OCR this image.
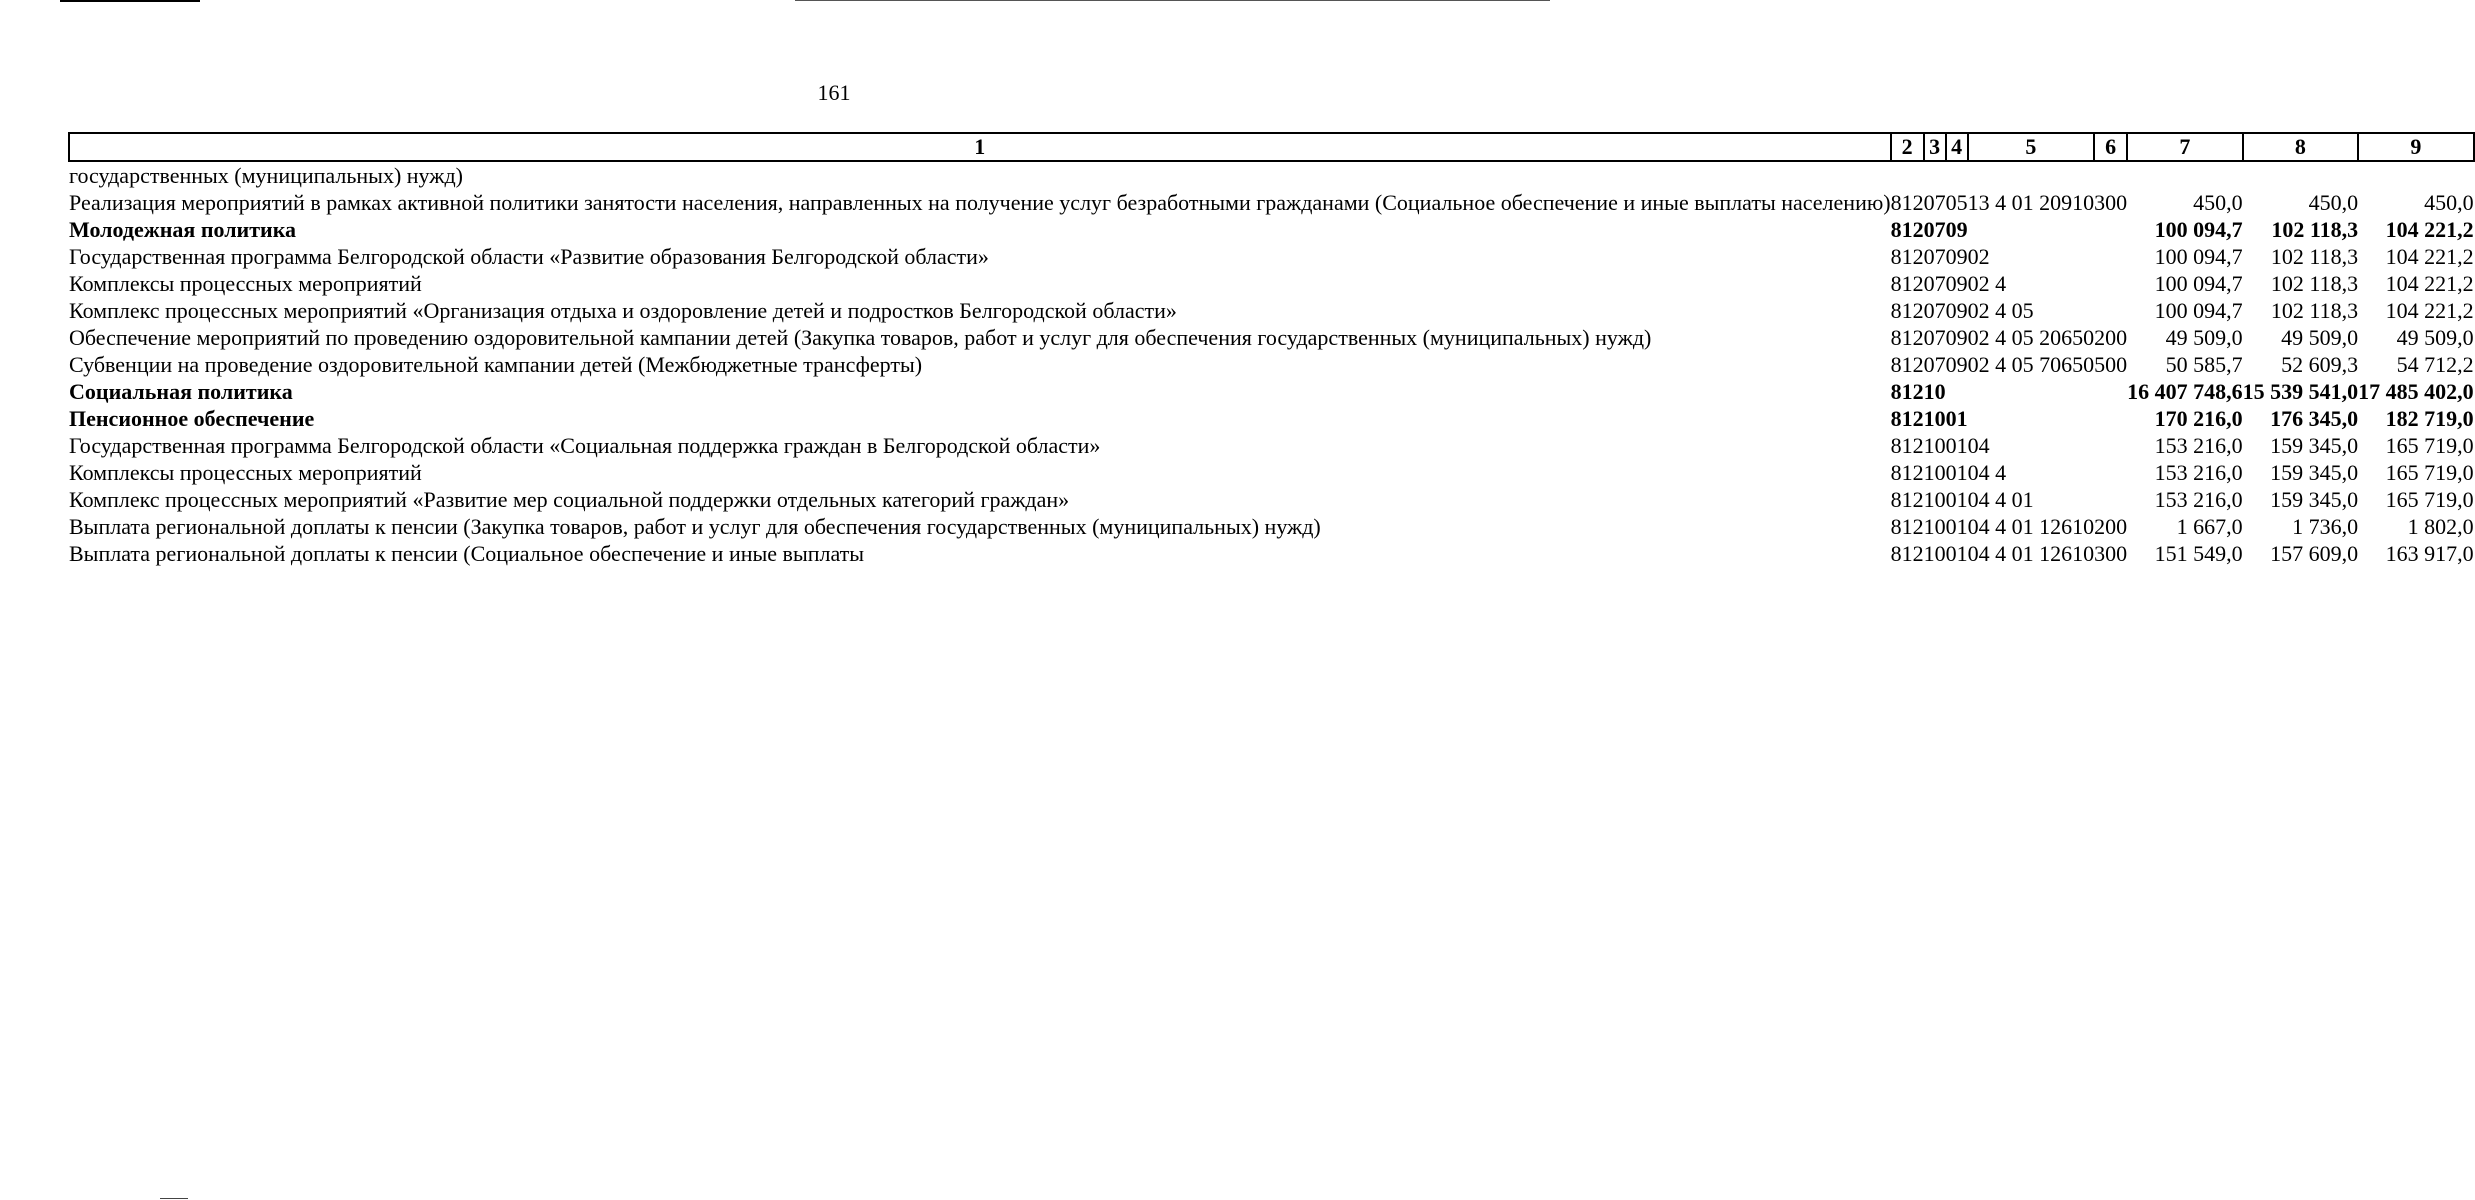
161
1	2	3	4	5	6	7	8	9
государственных (муниципальных) нужд)								
Реализация мероприятий в рамках активной политики занятости населения, направленных на получение услуг безработными гражданами (Социальное обеспечение и иные выплаты населению)	812	07	05	13 4 01 20910	300	450,0	450,0	450,0
Молодежная политика	812	07	09			100 094,7	102 118,3	104 221,2
Государственная программа Белгородской области «Развитие образования Белгородской области»	812	07	09	02		100 094,7	102 118,3	104 221,2
Комплексы процессных мероприятий	812	07	09	02 4		100 094,7	102 118,3	104 221,2
Комплекс процессных мероприятий «Организация отдыха и оздоровление детей и подростков Белгородской области»	812	07	09	02 4 05		100 094,7	102 118,3	104 221,2
Обеспечение мероприятий по проведению оздоровительной кампании детей (Закупка товаров, работ и услуг для обеспечения государственных (муниципальных) нужд)	812	07	09	02 4 05 20650	200	49 509,0	49 509,0	49 509,0
Субвенции на проведение оздоровительной кампании детей (Межбюджетные трансферты)	812	07	09	02 4 05 70650	500	50 585,7	52 609,3	54 712,2
Социальная политика	812	10				16 407 748,6	15 539 541,0	17 485 402,0
Пенсионное обеспечение	812	10	01			170 216,0	176 345,0	182 719,0
Государственная программа Белгородской области «Социальная поддержка граждан в Белгородской области»	812	10	01	04		153 216,0	159 345,0	165 719,0
Комплексы процессных мероприятий	812	10	01	04 4		153 216,0	159 345,0	165 719,0
Комплекс процессных мероприятий «Развитие мер социальной поддержки отдельных категорий граждан»	812	10	01	04 4 01		153 216,0	159 345,0	165 719,0
Выплата региональной доплаты к пенсии (Закупка товаров, работ и услуг для обеспечения государственных (муниципальных) нужд)	812	10	01	04 4 01 12610	200	1 667,0	1 736,0	1 802,0
Выплата региональной доплаты к пенсии (Социальное обеспечение и иные выплаты	812	10	01	04 4 01 12610	300	151 549,0	157 609,0	163 917,0
